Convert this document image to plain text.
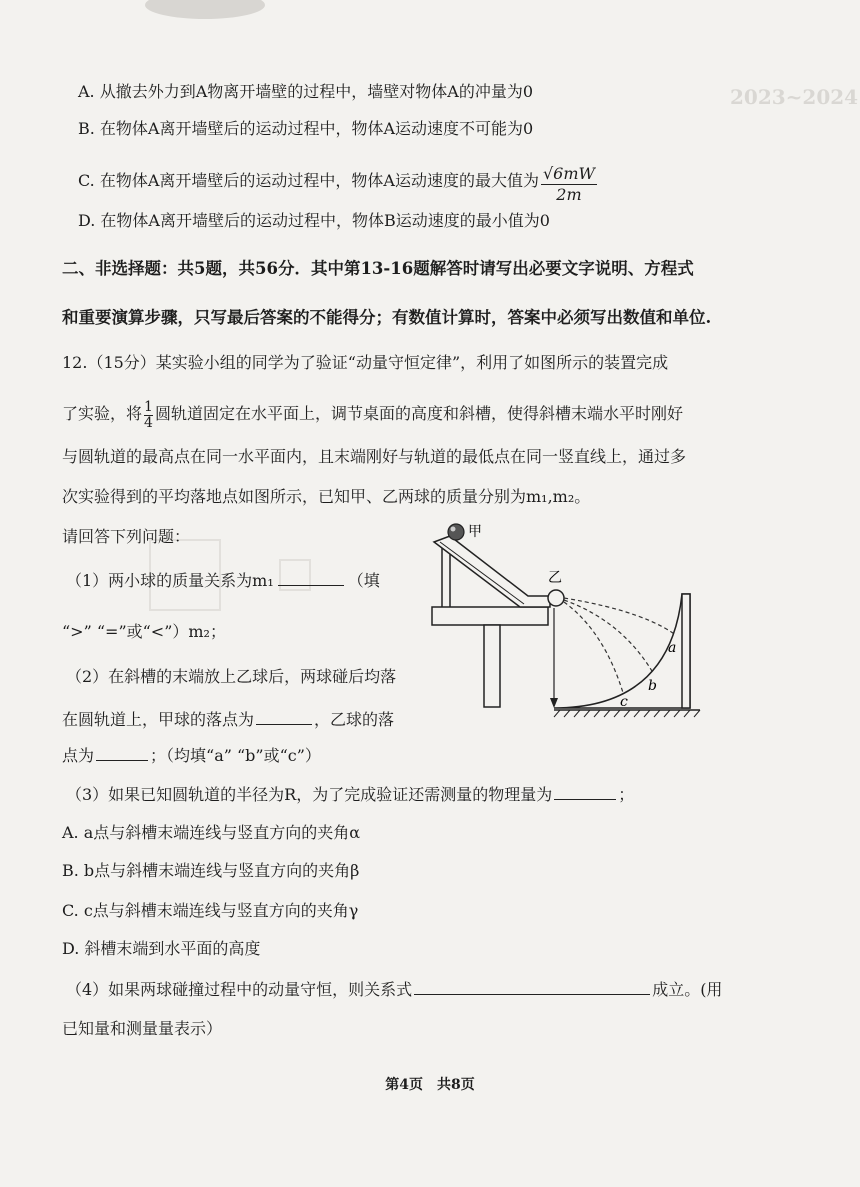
2023~2024
A. 从撤去外力到A物离开墙壁的过程中，墙壁对物体A的冲量为0
B. 在物体A离开墙壁后的运动过程中，物体A运动速度不可能为0
C. 在物体A离开墙壁后的运动过程中，物体A运动速度的最大值为 $\frac{√6mW}{2m}$
D. 在物体A离开墙壁后的运动过程中，物体B运动速度的最小值为0
二、非选择题：共5题，共56分．其中第13-16题解答时请写出必要文字说明、方程式
和重要演算步骤，只写最后答案的不能得分；有数值计算时，答案中必须写出数值和单位.
12.（15分）某实验小组的同学为了验证“动量守恒定律”，利用了如图所示的装置完成
了实验，将 $\frac{1}{4}$ 圆轨道固定在水平面上，调节桌面的高度和斜槽，使得斜槽末端水平时刚好
与圆轨道的最高点在同一水平面内，且末端刚好与轨道的最低点在同一竖直线上，通过多
次实验得到的平均落地点如图所示，已知甲、乙两球的质量分别为m₁,m₂。
请回答下列问题：
（1）两小球的质量关系为m₁	（填
“>” “=”或“<”）m₂；
（2）在斜槽的末端放上乙球后，两球碰后均落
在圆轨道上，甲球的落点为	，乙球的落
点为	；（均填“a” “b”或“c”）
（3）如果已知圆轨道的半径为R，为了完成验证还需测量的物理量为	；
A. a点与斜槽末端连线与竖直方向的夹角α
B. b点与斜槽末端连线与竖直方向的夹角β
C. c点与斜槽末端连线与竖直方向的夹角γ
D. 斜槽末端到水平面的高度
（4）如果两球碰撞过程中的动量守恒，则关系式	成立。(用
已知量和测量量表示）
甲
乙
a
b
c
第4页　共8页
